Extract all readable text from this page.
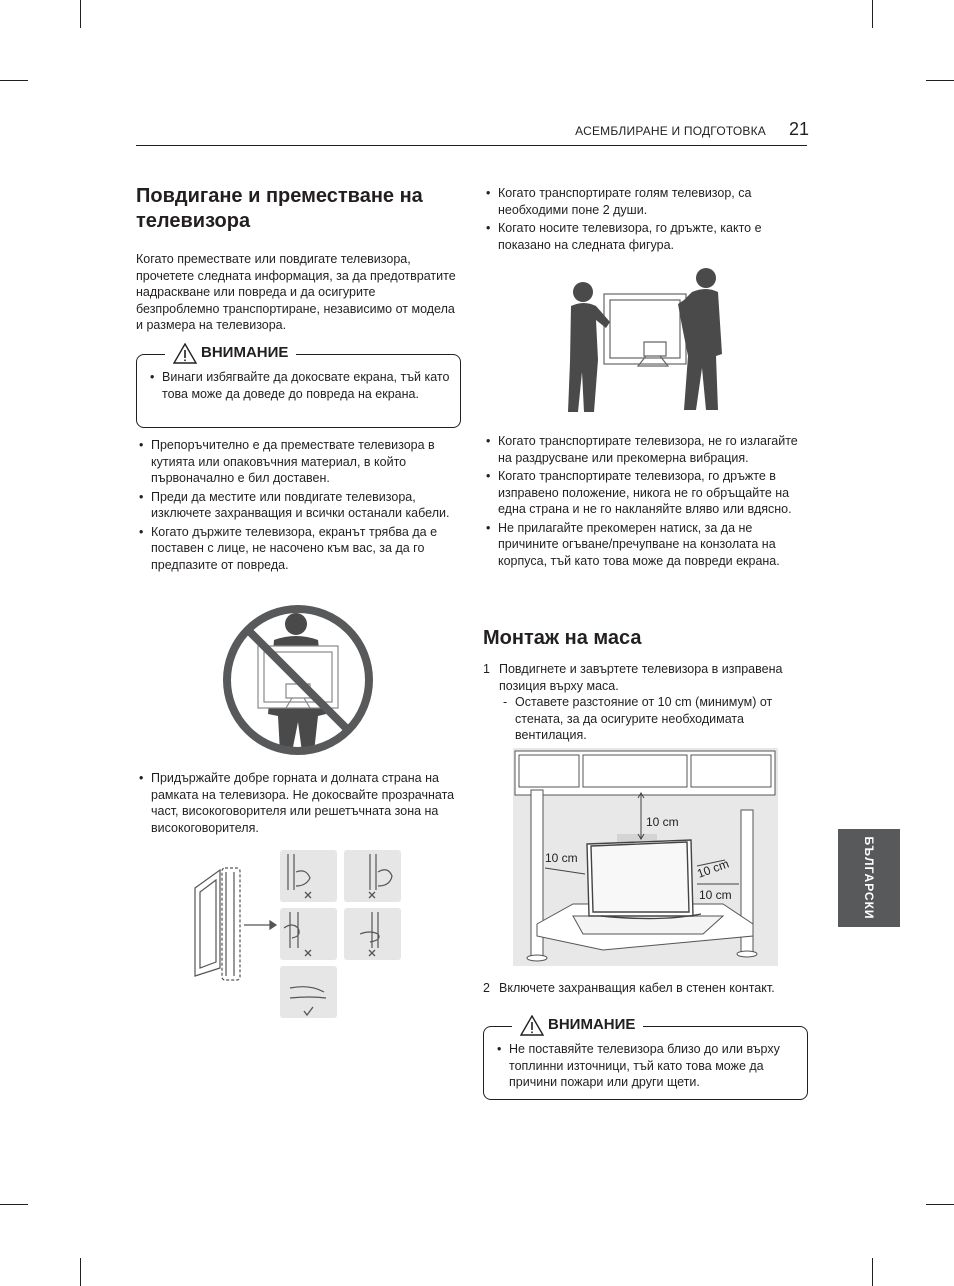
АСЕМБЛИРАНЕ И ПОДГОТОВКА 21
БЪЛГАРСКИ
Повдигане и преместване на телевизора

Когато премествате или повдигате телевизора, прочетете следната информация, за да предотвратите надраскване или повреда и да осигурите безпроблемно транспортиране, независимо от модела и размера на телевизора.

ВНИМАНИЕ
• Винаги избягвайте да докосвате екрана, тъй като това може да доведе до повреда на екрана.
• Препоръчително е да премествате телевизора в кутията или опаковъчния материал, в който първоначално е бил доставен.
• Преди да местите или повдигате телевизора, изключете захранващия и всички останали кабели.
• Когато държите телевизора, екранът трябва да е поставен с лице, не насочено към вас, за да го предпазите от повреда.
• Придържайте добре горната и долната страна на рамката на телевизора. Не докосвайте прозрачната част, високоговорителя или решетъчната зона на високоговорителя.
• Когато транспортирате голям телевизор, са необходими поне 2 души.
• Когато носите телевизора, го дръжте, както е показано на следната фигура.
• Когато транспортирате телевизора, не го излагайте на раздрусване или прекомерна вибрация.
• Когато транспортирате телевизора, го дръжте в изправено положение, никога не го обръщайте на една страна и не го накланяйте вляво или вдясно.
• Не прилагайте прекомерен натиск, за да не причините огъване/пречупване на конзолата на корпуса, тъй като това може да повреди екрана.
Монтаж на маса
1 Повдигнете и завъртете телевизора в изправена позиция върху маса.
- Оставете разстояние от 10 cm (минимум) от стената, за да осигурите необходимата вентилация.
10 cm
10 cm	10 cm
10 cm
2 Включете захранващия кабел в стенен контакт.
ВНИМАНИЕ
• Не поставяйте телевизора близо до или върху топлинни източници, тъй като това може да причини пожари или други щети.
